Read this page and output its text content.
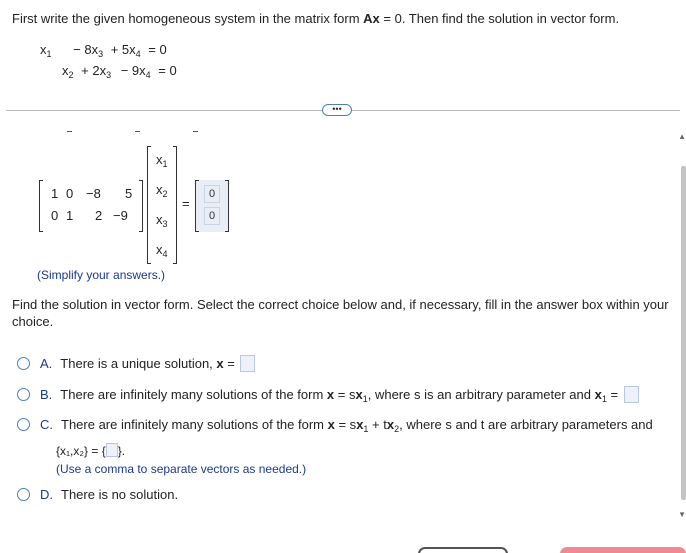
First write the given homogeneous system in the matrix form Ax = 0. Then find the solution in vector form.
$x_1 - 8x_3 + 5x_4 = 0$
$x_2 + 2x_3 - 9x_4 = 0$
•••
1 0 −8 5
0 1 2 −9
$x_1$
$x_2$
$x_3$
$x_4$
=
0
0
(Simplify your answers.)
Find the solution in vector form. Select the correct choice below and, if necessary, fill in the answer box within your choice.
A. There is a unique solution, x =
B. There are infinitely many solutions of the form $x = sx_1$, where s is an arbitrary parameter and $x_1$ =
C. There are infinitely many solutions of the form $x = sx_1 + tx_2$, where s and t are arbitrary parameters and
{x₁,x₂} = { }.
(Use a comma to separate vectors as needed.)
D. There is no solution.
▲
▼
